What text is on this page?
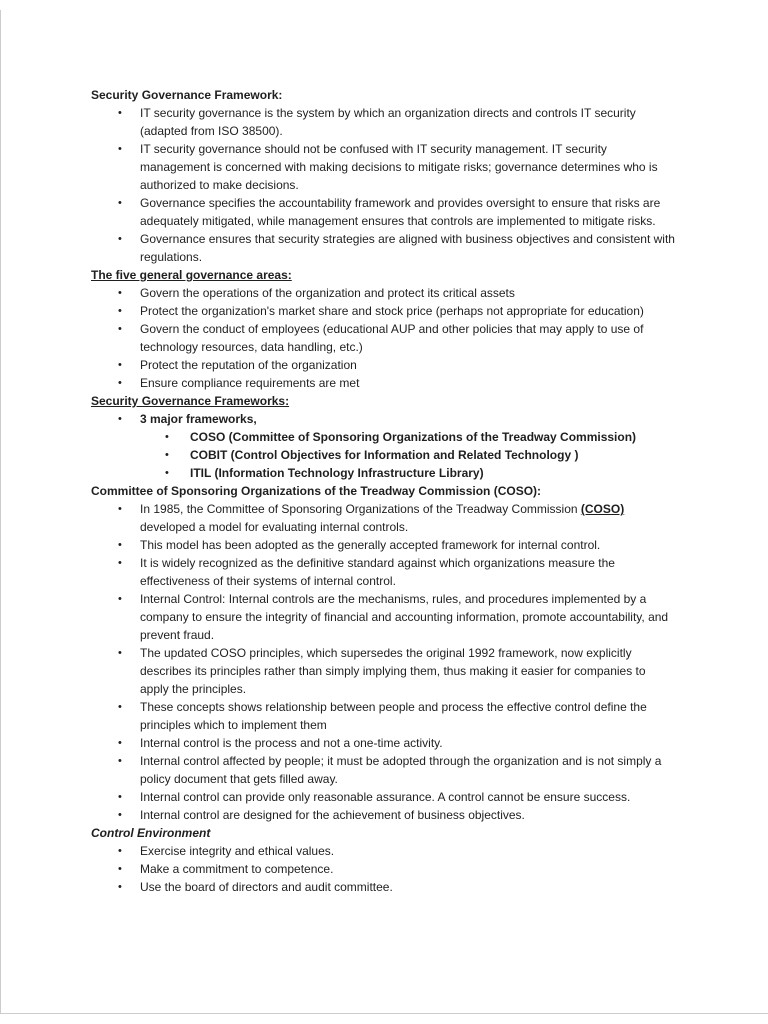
Security Governance Framework:
•	IT security governance is the system by which an organization directs and controls IT security (adapted from ISO 38500).
•	IT security governance should not be confused with IT security management. IT security management is concerned with making decisions to mitigate risks; governance determines who is authorized to make decisions.
•	Governance specifies the accountability framework and provides oversight to ensure that risks are adequately mitigated, while management ensures that controls are implemented to mitigate risks.
•	Governance ensures that security strategies are aligned with business objectives and consistent with regulations.
The five general governance areas:
•	Govern the operations of the organization and protect its critical assets
•	Protect the organization's market share and stock price (perhaps not appropriate for education)
•	Govern the conduct of employees (educational AUP and other policies that may apply to use of technology resources, data handling, etc.)
•	Protect the reputation of the organization
•	Ensure compliance requirements are met
Security Governance Frameworks:
•	3 major frameworks,
•	COSO (Committee of Sponsoring Organizations of the Treadway Commission)
•	COBIT (Control Objectives for Information and Related Technology )
•	ITIL (Information Technology Infrastructure Library)
Committee of Sponsoring Organizations of the Treadway Commission (COSO):
•	In 1985, the Committee of Sponsoring Organizations of the Treadway Commission (COSO) developed a model for evaluating internal controls.
•	This model has been adopted as the generally accepted framework for internal control.
•	It is widely recognized as the definitive standard against which organizations measure the effectiveness of their systems of internal control.
•	Internal Control: Internal controls are the mechanisms, rules, and procedures implemented by a company to ensure the integrity of financial and accounting information, promote accountability, and prevent fraud.
•	The updated COSO principles, which supersedes the original 1992 framework, now explicitly describes its principles rather than simply implying them, thus making it easier for companies to apply the principles.
•	These concepts shows relationship between people and process the effective control define the principles which to implement them
•	Internal control is the process and not a one-time activity.
•	Internal control affected by people; it must be adopted through the organization and is not simply a policy document that gets filled away.
•	Internal control can provide only reasonable assurance. A control cannot be ensure success.
•	Internal control are designed for the achievement of business objectives.
Control Environment
•	Exercise integrity and ethical values.
•	Make a commitment to competence.
•	Use the board of directors and audit committee.
